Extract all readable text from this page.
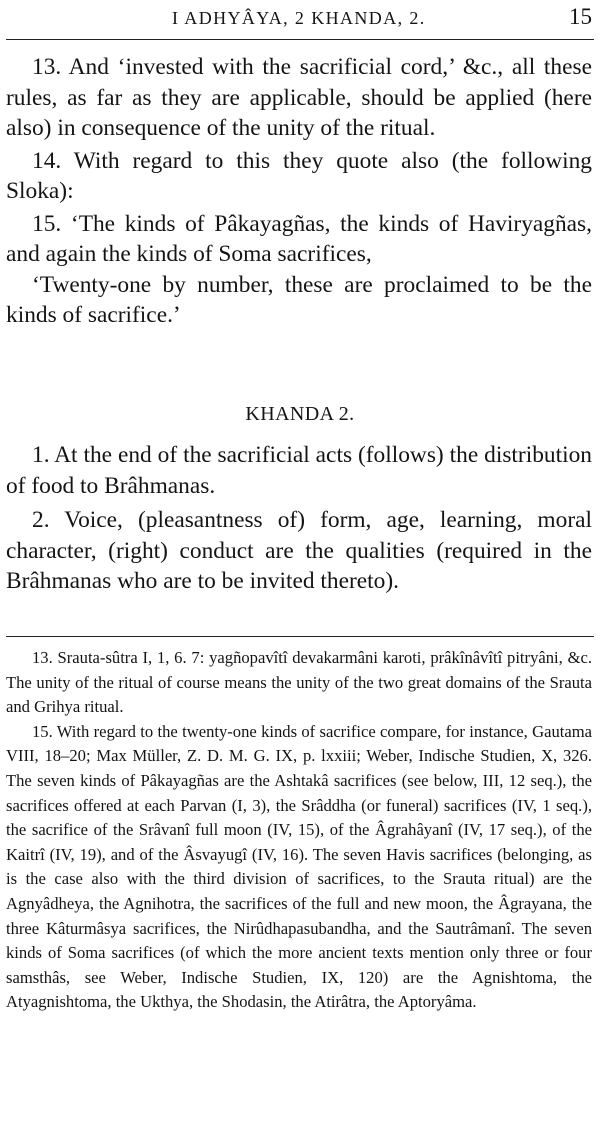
I ADHYÂYA, 2 KHANDA, 2.	15

13. And ‘invested with the sacrificial cord,’ &c., all these rules, as far as they are applicable, should be applied (here also) in consequence of the unity of the ritual.

14. With regard to this they quote also (the following Sloka):

15. ‘The kinds of Pâkayagñas, the kinds of Haviryagñas, and again the kinds of Soma sacrifices,

‘Twenty-one by number, these are proclaimed to be the kinds of sacrifice.’

KHANDA 2.

1. At the end of the sacrificial acts (follows) the distribution of food to Brâhmanas.

2. Voice, (pleasantness of) form, age, learning, moral character, (right) conduct are the qualities (required in the Brâhmanas who are to be invited thereto).

13. Srauta-sûtra I, 1, 6. 7: yagñopavîtî devakarmâni karoti, prâkînâvîtî pitryâni, &c. The unity of the ritual of course means the unity of the two great domains of the Srauta and Grihya ritual.

15. With regard to the twenty-one kinds of sacrifice compare, for instance, Gautama VIII, 18–20; Max Müller, Z. D. M. G. IX, p. lxxiii; Weber, Indische Studien, X, 326. The seven kinds of Pâkayagñas are the Ashtakâ sacrifices (see below, III, 12 seq.), the sacrifices offered at each Parvan (I, 3), the Srâddha (or funeral) sacrifices (IV, 1 seq.), the sacrifice of the Srâvanî full moon (IV, 15), of the Âgrahâyanî (IV, 17 seq.), of the Kaitrî (IV, 19), and of the Âsvayugî (IV, 16). The seven Havis sacrifices (belonging, as is the case also with the third division of sacrifices, to the Srauta ritual) are the Agnyâdheya, the Agnihotra, the sacrifices of the full and new moon, the Âgrayana, the three Kâturmâsya sacrifices, the Nirûdhapasubandha, and the Sautrâmanî. The seven kinds of Soma sacrifices (of which the more ancient texts mention only three or four samsthâs, see Weber, Indische Studien, IX, 120) are the Agnishtoma, the Atyagnishtoma, the Ukthya, the Shodasin, the Atirâtra, the Aptoryâma.
